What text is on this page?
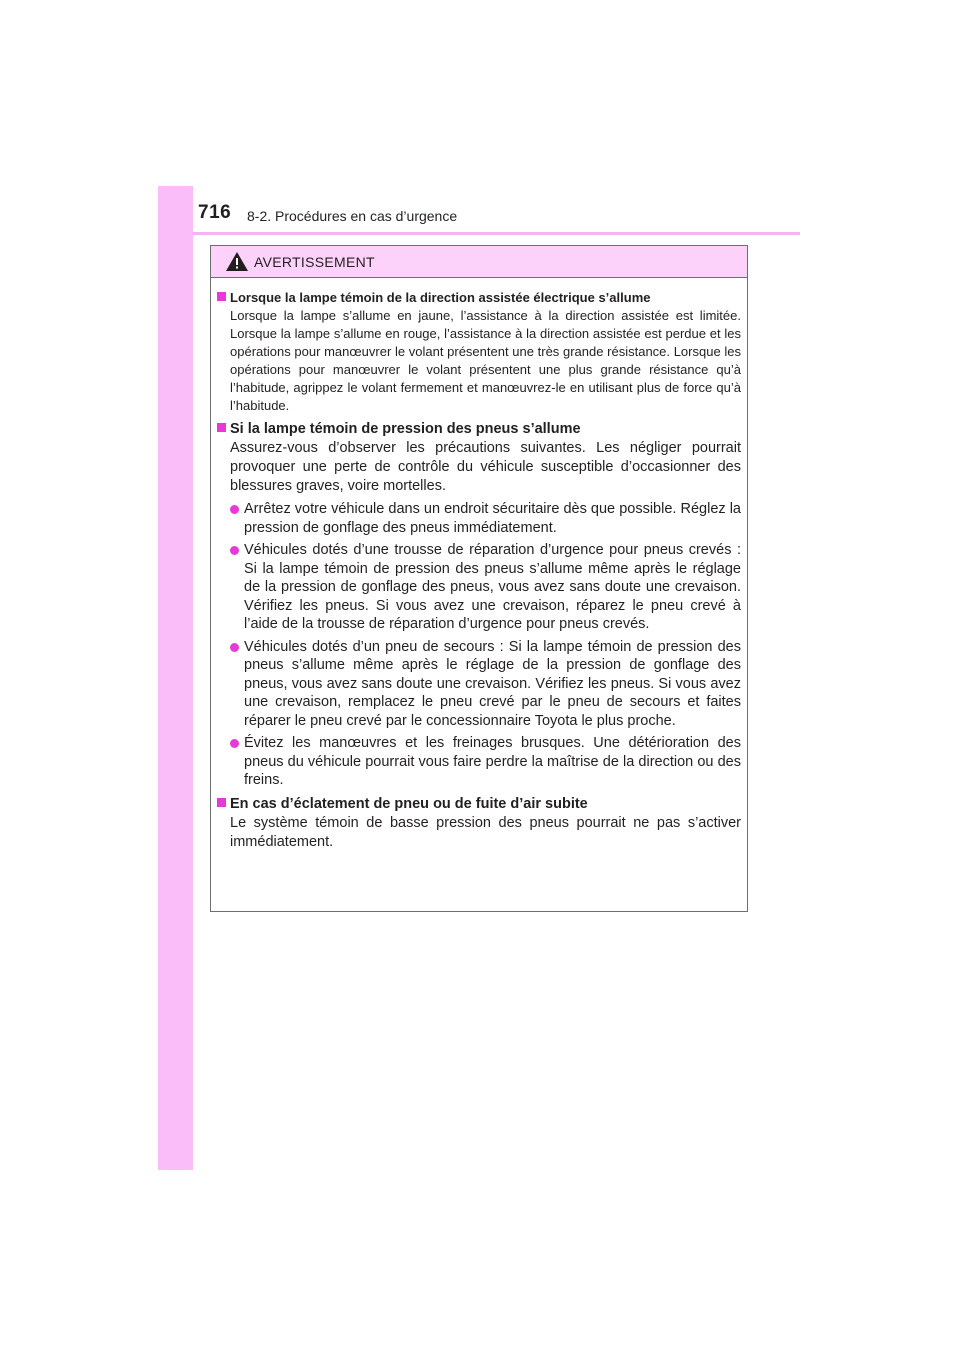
716 8-2. Procédures en cas d’urgence
AVERTISSEMENT
Lorsque la lampe témoin de la direction assistée électrique s’allume
Lorsque la lampe s’allume en jaune, l’assistance à la direction assistée est limitée. Lorsque la lampe s’allume en rouge, l’assistance à la direction assistée est perdue et les opérations pour manœuvrer le volant présentent une très grande résistance. Lorsque les opérations pour manœuvrer le volant présentent une plus grande résistance qu’à l’habitude, agrippez le volant fermement et manœuvrez-le en utilisant plus de force qu’à l’habitude.
Si la lampe témoin de pression des pneus s’allume
Assurez-vous d’observer les précautions suivantes. Les négliger pourrait provoquer une perte de contrôle du véhicule susceptible d’occasionner des blessures graves, voire mortelles.
Arrêtez votre véhicule dans un endroit sécuritaire dès que possible. Réglez la pression de gonflage des pneus immédiatement.
Véhicules dotés d’une trousse de réparation d’urgence pour pneus crevés : Si la lampe témoin de pression des pneus s’allume même après le réglage de la pression de gonflage des pneus, vous avez sans doute une crevaison. Vérifiez les pneus. Si vous avez une crevaison, réparez le pneu crevé à l’aide de la trousse de réparation d’urgence pour pneus crevés.
Véhicules dotés d’un pneu de secours : Si la lampe témoin de pression des pneus s’allume même après le réglage de la pression de gonflage des pneus, vous avez sans doute une crevaison. Vérifiez les pneus. Si vous avez une crevaison, remplacez le pneu crevé par le pneu de secours et faites réparer le pneu crevé par le concessionnaire Toyota le plus proche.
Évitez les manœuvres et les freinages brusques. Une détérioration des pneus du véhicule pourrait vous faire perdre la maîtrise de la direction ou des freins.
En cas d’éclatement de pneu ou de fuite d’air subite
Le système témoin de basse pression des pneus pourrait ne pas s’activer immédiatement.
